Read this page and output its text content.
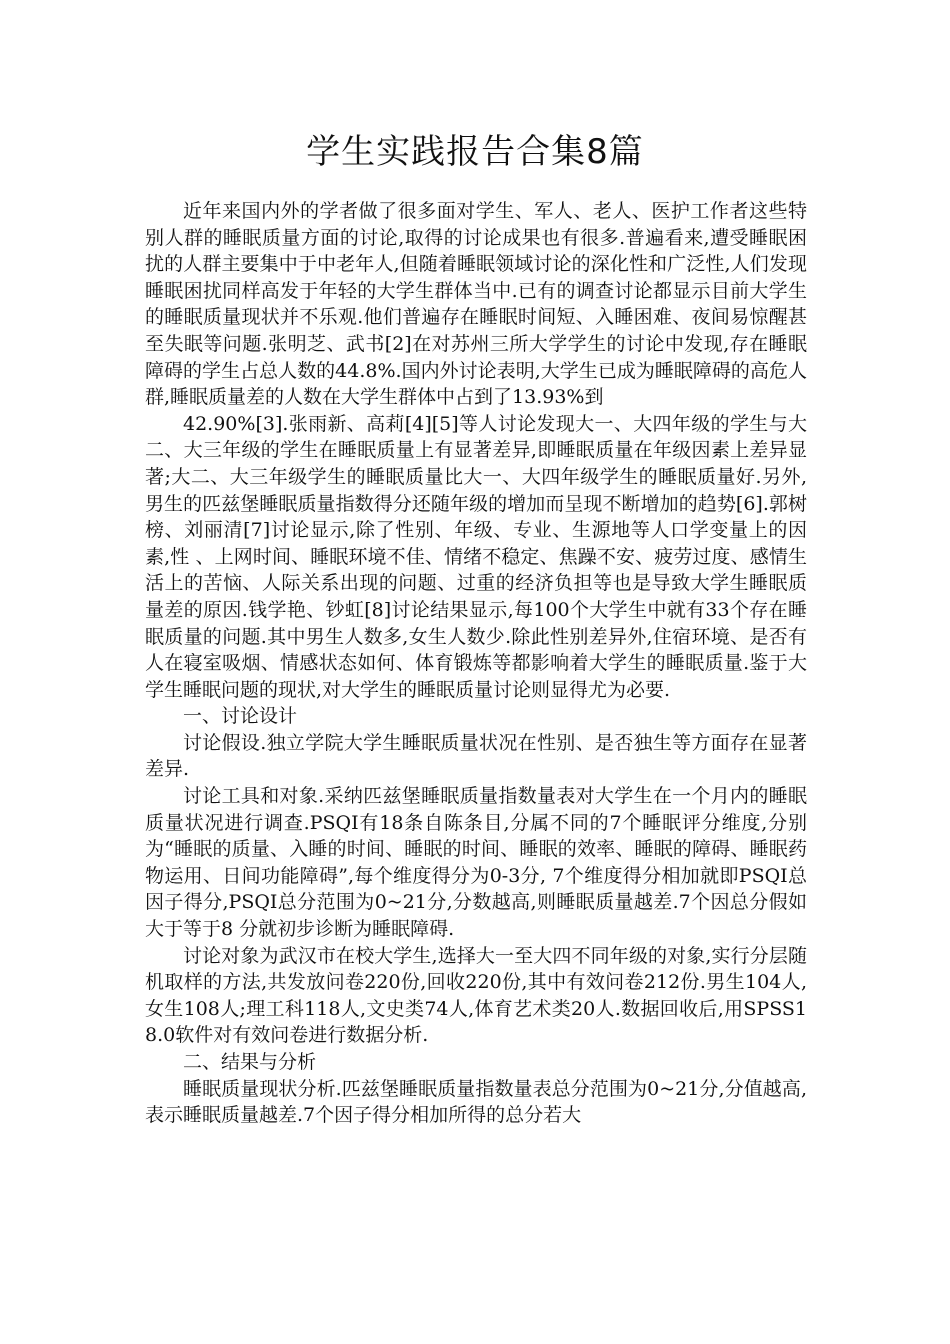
学生实践报告合集8篇

近年来国内外的学者做了很多面对学生、军人、老人、医护工作者这些特别人群的睡眠质量方面的讨论,取得的讨论成果也有很多.普遍看来,遭受睡眠困扰的人群主要集中于中老年人,但随着睡眠领域讨论的深化性和广泛性,人们发现睡眠困扰同样高发于年轻的大学生群体当中.已有的调查讨论都显示目前大学生的睡眠质量现状并不乐观.他们普遍存在睡眠时间短、入睡困难、夜间易惊醒甚至失眠等问题.张明芝、武书[2]在对苏州三所大学学生的讨论中发现,存在睡眠障碍的学生占总人数的44.8%.国内外讨论表明,大学生已成为睡眠障碍的高危人群,睡眠质量差的人数在大学生群体中占到了13.93%到

42.90%[3].张雨新、高莉[4][5]等人讨论发现大一、大四年级的学生与大二、大三年级的学生在睡眠质量上有显著差异,即睡眠质量在年级因素上差异显著;大二、大三年级学生的睡眠质量比大一、大四年级学生的睡眠质量好.另外,男生的匹兹堡睡眠质量指数得分还随年级的增加而呈现不断增加的趋势[6].郭树榜、刘丽清[7]讨论显示,除了性别、年级、专业、生源地等人口学变量上的因素,性 、上网时间、睡眠环境不佳、情绪不稳定、焦躁不安、疲劳过度、感情生活上的苦恼、人际关系出现的问题、过重的经济负担等也是导致大学生睡眠质量差的原因.钱学艳、钞虹[8]讨论结果显示,每100个大学生中就有33个存在睡眠质量的问题.其中男生人数多,女生人数少.除此性别差异外,住宿环境、是否有人在寝室吸烟、情感状态如何、体育锻炼等都影响着大学生的睡眠质量.鉴于大学生睡眠问题的现状,对大学生的睡眠质量讨论则显得尤为必要.

一、讨论设计

讨论假设.独立学院大学生睡眠质量状况在性别、是否独生等方面存在显著差异.

讨论工具和对象.采纳匹兹堡睡眠质量指数量表对大学生在一个月内的睡眠质量状况进行调查.PSQI有18条自陈条目,分属不同的7个睡眠评分维度,分别为“睡眠的质量、入睡的时间、睡眠的时间、睡眠的效率、睡眠的障碍、睡眠药物运用、日间功能障碍”,每个维度得分为0-3分, 7个维度得分相加就即PSQI总因子得分,PSQI总分范围为0~21分,分数越高,则睡眠质量越差.7个因总分假如大于等于8 分就初步诊断为睡眠障碍.

讨论对象为武汉市在校大学生,选择大一至大四不同年级的对象,实行分层随机取样的方法,共发放问卷220份,回收220份,其中有效问卷212份.男生104人,女生108人;理工科118人,文史类74人,体育艺术类20人.数据回收后,用SPSS18.0软件对有效问卷进行数据分析.

二、结果与分析

睡眠质量现状分析.匹兹堡睡眠质量指数量表总分范围为0~21分,分值越高,表示睡眠质量越差.7个因子得分相加所得的总分若大
